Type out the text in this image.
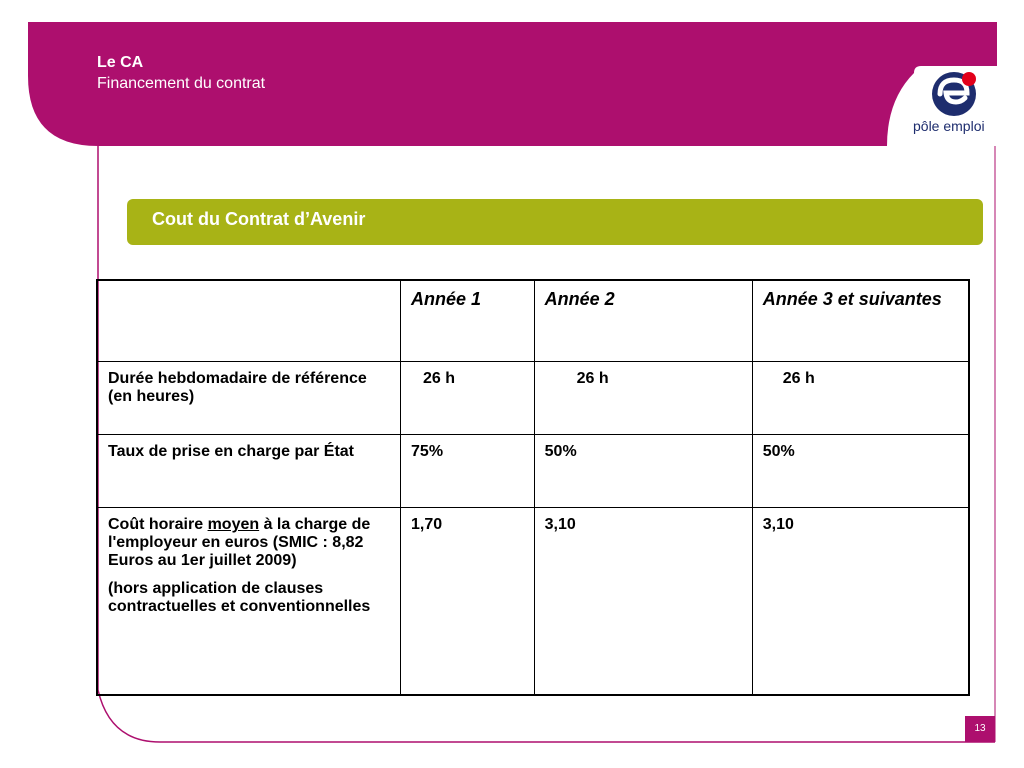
Le CA
Financement du contrat
pôle emploi
Cout du Contrat d’Avenir
	Année 1	Année 2	Année 3 et suivantes
Durée hebdomadaire de référence (en heures)	26 h	26 h	26 h
Taux de prise en charge par État	75%	50%	50%

Coût horaire moyen à la charge de l'employeur en euros (SMIC : 8,82 Euros au 1er juillet 2009)
(hors application de clauses contractuelles et conventionnelles	1,70	3,10	3,10
13
